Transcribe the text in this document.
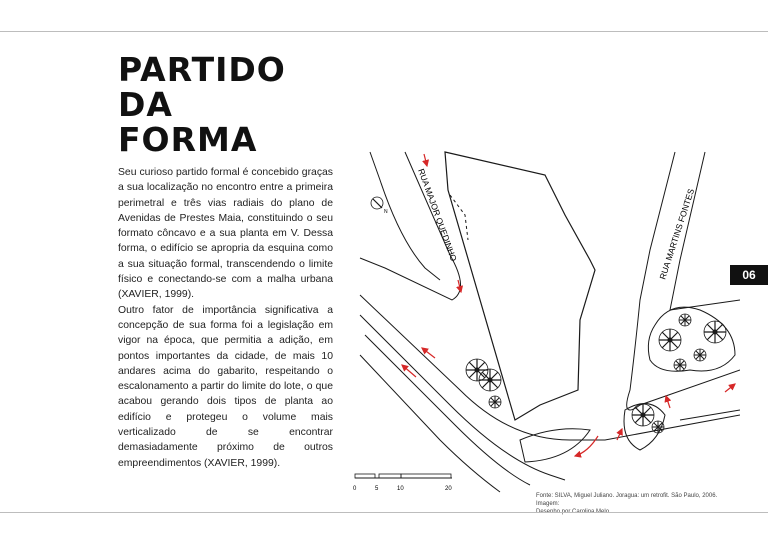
PARTIDO
DA
FORMA

Seu curioso partido formal é concebido graças a sua localização no encontro entre a primeira perimetral e três vias radiais do plano de Avenidas de Prestes Maia, constituindo o seu formato côncavo e a sua planta em V. Dessa forma, o edifício se apropria da esquina como a sua situação formal, transcendendo o limite físico e conectando-se com a malha urbana (XAVIER, 1999).

Outro fator de importância significativa a concepção de sua forma foi a legislação em vigor na época, que permitia a adição, em pontos importantes da cidade, de mais 10 andares acima do gabarito, respeitando o escalonamento a partir do limite do lote, o que acabou gerando dois tipos de planta ao edifício e protegeu o volume mais verticalizado de se encontrar demasiadamente próximo de outros empreendimentos (XAVIER, 1999).

06
N	RUA MAJOR QUEDINHO	RUA MARTINS FONTES
0	5	10	20

Fonte: SILVA, Miguel Juliano. Joragua: um retrofit. São Paulo, 2006. Imagem:
